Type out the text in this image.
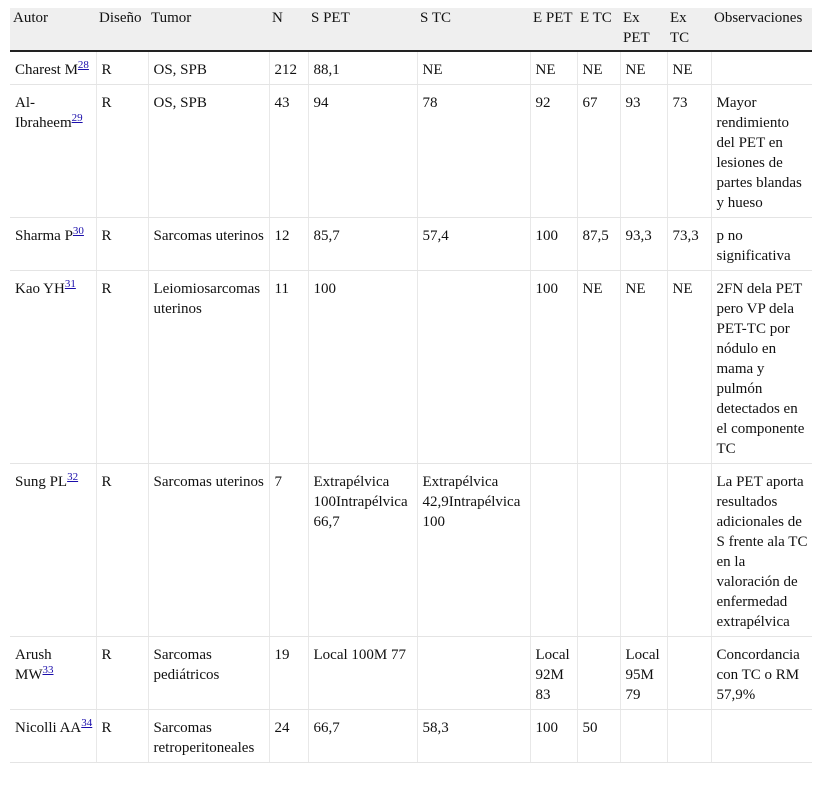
Autor	Diseño	Tumor	N	S PET	S TC	E PET	E TC	Ex PET	Ex TC	Observaciones
Charest M$^{28}$	R	OS, SPB	212	88,1	NE	NE	NE	NE	NE	
Al-Ibraheem$^{29}$	R	OS, SPB	43	94	78	92	67	93	73	Mayor rendimiento del PET en lesiones de partes blandas y hueso
Sharma P$^{30}$	R	Sarcomas uterinos	12	85,7	57,4	100	87,5	93,3	73,3	p no significativa
Kao YH$^{31}$	R	Leiomiosarcomas uterinos	11	100		100	NE	NE	NE	2FN dela PET pero VP dela PET-TC por nódulo en mama y pulmón detectados en el componente TC
Sung PL$^{32}$	R	Sarcomas uterinos	7	Extrapélvica 100Intrapélvica 66,7	Extrapélvica 42,9Intrapélvica 100					La PET aporta resultados adicionales de S frente ala TC en la valoración de enfermedad extrapélvica
Arush MW$^{33}$	R	Sarcomas pediátricos	19	Local 100M 77		Local 92M 83		Local 95M 79		Concordancia con TC o RM 57,9%
Nicolli AA$^{34}$	R	Sarcomas retroperitoneales	24	66,7	58,3	100	50			
